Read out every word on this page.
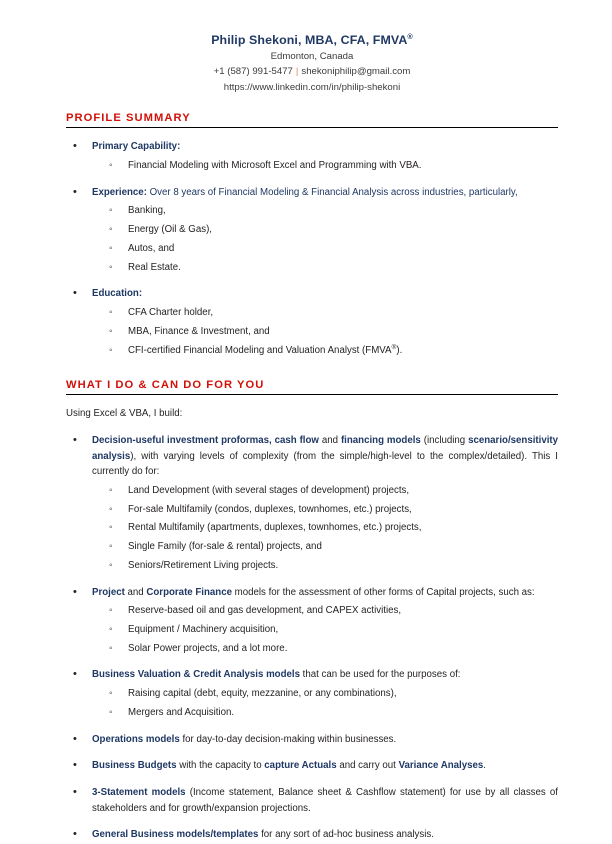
Philip Shekoni, MBA, CFA, FMVA®
Edmonton, Canada
+1 (587) 991-5477 | shekoniphilip@gmail.com
https://www.linkedin.com/in/philip-shekoni
PROFILE SUMMARY
• Primary Capability:
◦ Financial Modeling with Microsoft Excel and Programming with VBA.
• Experience: Over 8 years of Financial Modeling & Financial Analysis across industries, particularly,
◦ Banking,
◦ Energy (Oil & Gas),
◦ Autos, and
◦ Real Estate.
• Education:
◦ CFA Charter holder,
◦ MBA, Finance & Investment, and
◦ CFI-certified Financial Modeling and Valuation Analyst (FMVA®).
WHAT I DO & CAN DO FOR YOU

Using Excel & VBA, I build:

• Decision-useful investment proformas, cash flow and financing models (including scenario/sensitivity analysis), with varying levels of complexity (from the simple/high-level to the complex/detailed). This I currently do for:
◦ Land Development (with several stages of development) projects,
◦ For-sale Multifamily (condos, duplexes, townhomes, etc.) projects,
◦ Rental Multifamily (apartments, duplexes, townhomes, etc.) projects,
◦ Single Family (for-sale & rental) projects, and
◦ Seniors/Retirement Living projects.
• Project and Corporate Finance models for the assessment of other forms of Capital projects, such as:
◦ Reserve-based oil and gas development, and CAPEX activities,
◦ Equipment / Machinery acquisition,
◦ Solar Power projects, and a lot more.
• Business Valuation & Credit Analysis models that can be used for the purposes of:
◦ Raising capital (debt, equity, mezzanine, or any combinations),
◦ Mergers and Acquisition.
• Operations models for day-to-day decision-making within businesses.
• Business Budgets with the capacity to capture Actuals and carry out Variance Analyses.
• 3-Statement models (Income statement, Balance sheet & Cashflow statement) for use by all classes of stakeholders and for growth/expansion projections.
• General Business models/templates for any sort of ad-hoc business analysis.
